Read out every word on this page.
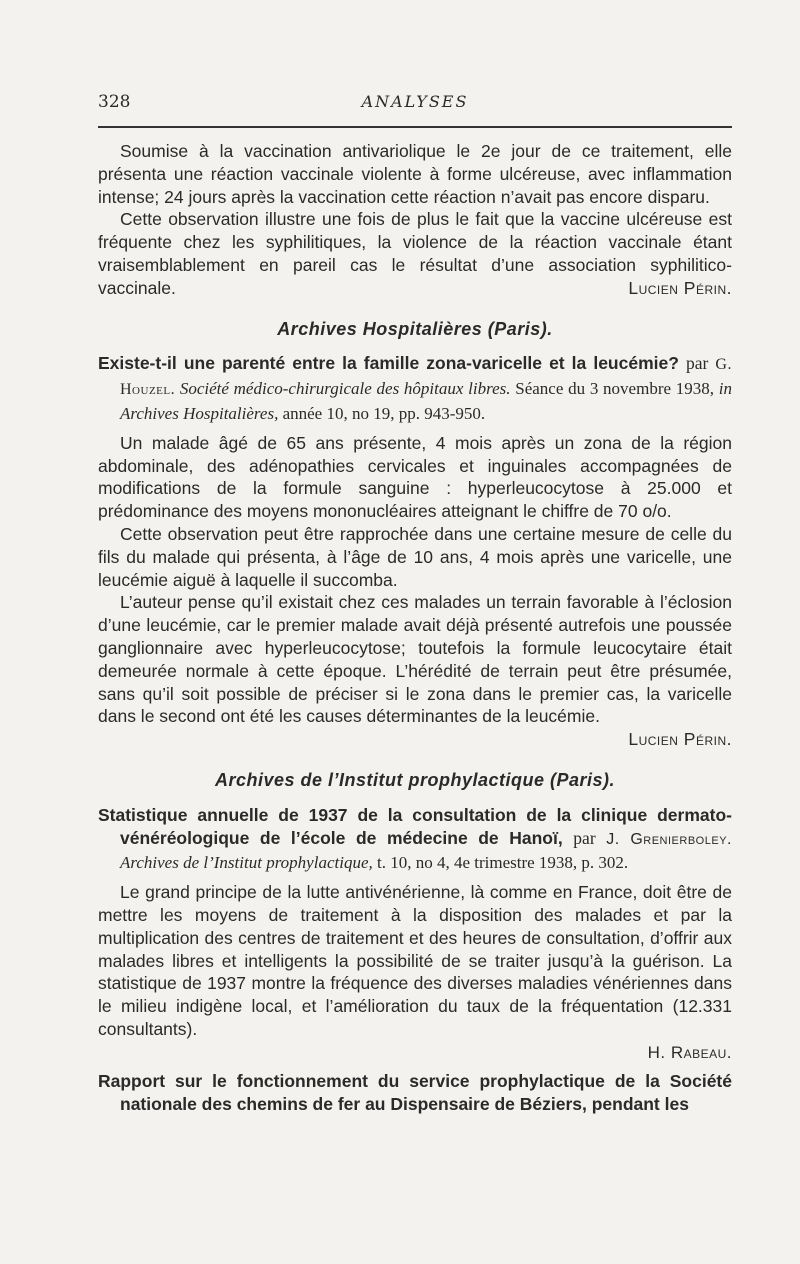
328	ANALYSES

Soumise à la vaccination antivariolique le 2e jour de ce traitement, elle présenta une réaction vaccinale violente à forme ulcéreuse, avec inflammation intense; 24 jours après la vaccination cette réaction n’avait pas encore disparu.

Cette observation illustre une fois de plus le fait que la vaccine ulcéreuse est fréquente chez les syphilitiques, la violence de la réaction vaccinale étant vraisemblablement en pareil cas le résultat d’une association syphilitico-vaccinale.	Lucien Périn.

Archives Hospitalières (Paris).

Existe-t-il une parenté entre la famille zona-varicelle et la leucémie? par G. Houzel. Société médico-chirurgicale des hôpitaux libres. Séance du 3 novembre 1938, in Archives Hospitalières, année 10, no 19, pp. 943-950.

Un malade âgé de 65 ans présente, 4 mois après un zona de la région abdominale, des adénopathies cervicales et inguinales accompagnées de modifications de la formule sanguine : hyperleucocytose à 25.000 et prédominance des moyens mononucléaires atteignant le chiffre de 70 o/o.

Cette observation peut être rapprochée dans une certaine mesure de celle du fils du malade qui présenta, à l’âge de 10 ans, 4 mois après une varicelle, une leucémie aiguë à laquelle il succomba.

L’auteur pense qu’il existait chez ces malades un terrain favorable à l’éclosion d’une leucémie, car le premier malade avait déjà présenté autrefois une poussée ganglionnaire avec hyperleucocytose; toutefois la formule leucocytaire était demeurée normale à cette époque. L’hérédité de terrain peut être présumée, sans qu’il soit possible de préciser si le zona dans le premier cas, la varicelle dans le second ont été les causes déterminantes de la leucémie.
Lucien Périn.

Archives de l’Institut prophylactique (Paris).

Statistique annuelle de 1937 de la consultation de la clinique dermato-vénéréologique de l’école de médecine de Hanoï, par J. Grenierboley. Archives de l’Institut prophylactique, t. 10, no 4, 4e trimestre 1938, p. 302.

Le grand principe de la lutte antivénérienne, là comme en France, doit être de mettre les moyens de traitement à la disposition des malades et par la multiplication des centres de traitement et des heures de consultation, d’offrir aux malades libres et intelligents la possibilité de se traiter jusqu’à la guérison. La statistique de 1937 montre la fréquence des diverses maladies vénériennes dans le milieu indigène local, et l’amélioration du taux de la fréquentation (12.331 consultants).

H. Rabeau.

Rapport sur le fonctionnement du service prophylactique de la Société nationale des chemins de fer au Dispensaire de Béziers, pendant les
